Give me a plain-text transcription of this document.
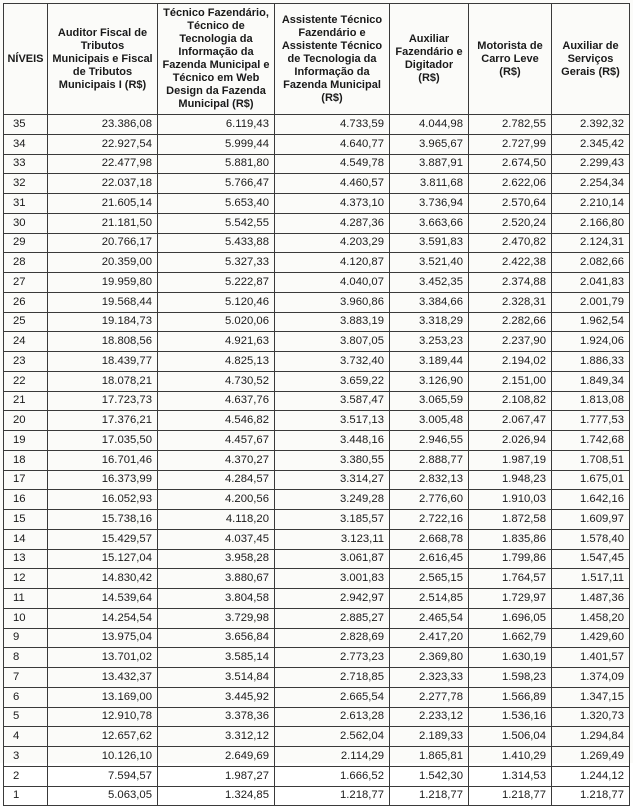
NÍVEIS	Auditor Fiscal de Tributos Municipais e Fiscal de Tributos Municipais I (R$)	Técnico Fazendário, Técnico de Tecnologia da Informação da Fazenda Municipal e Técnico em Web Design da Fazenda Municipal (R$)	Assistente Técnico Fazendário e Assistente Técnico de Tecnologia da Informação da Fazenda Municipal (R$)	Auxiliar Fazendário e Digitador (R$)	Motorista de Carro Leve (R$)	Auxiliar de Serviços Gerais (R$)
35	23.386,08	6.119,43	4.733,59	4.044,98	2.782,55	2.392,32
34	22.927,54	5.999,44	4.640,77	3.965,67	2.727,99	2.345,42
33	22.477,98	5.881,80	4.549,78	3.887,91	2.674,50	2.299,43
32	22.037,18	5.766,47	4.460,57	3.811,68	2.622,06	2.254,34
31	21.605,14	5.653,40	4.373,10	3.736,94	2.570,64	2.210,14
30	21.181,50	5.542,55	4.287,36	3.663,66	2.520,24	2.166,80
29	20.766,17	5.433,88	4.203,29	3.591,83	2.470,82	2.124,31
28	20.359,00	5.327,33	4.120,87	3.521,40	2.422,38	2.082,66
27	19.959,80	5.222,87	4.040,07	3.452,35	2.374,88	2.041,83
26	19.568,44	5.120,46	3.960,86	3.384,66	2.328,31	2.001,79
25	19.184,73	5.020,06	3.883,19	3.318,29	2.282,66	1.962,54
24	18.808,56	4.921,63	3.807,05	3.253,23	2.237,90	1.924,06
23	18.439,77	4.825,13	3.732,40	3.189,44	2.194,02	1.886,33
22	18.078,21	4.730,52	3.659,22	3.126,90	2.151,00	1.849,34
21	17.723,73	4.637,76	3.587,47	3.065,59	2.108,82	1.813,08
20	17.376,21	4.546,82	3.517,13	3.005,48	2.067,47	1.777,53
19	17.035,50	4.457,67	3.448,16	2.946,55	2.026,94	1.742,68
18	16.701,46	4.370,27	3.380,55	2.888,77	1.987,19	1.708,51
17	16.373,99	4.284,57	3.314,27	2.832,13	1.948,23	1.675,01
16	16.052,93	4.200,56	3.249,28	2.776,60	1.910,03	1.642,16
15	15.738,16	4.118,20	3.185,57	2.722,16	1.872,58	1.609,97
14	15.429,57	4.037,45	3.123,11	2.668,78	1.835,86	1.578,40
13	15.127,04	3.958,28	3.061,87	2.616,45	1.799,86	1.547,45
12	14.830,42	3.880,67	3.001,83	2.565,15	1.764,57	1.517,11
11	14.539,64	3.804,58	2.942,97	2.514,85	1.729,97	1.487,36
10	14.254,54	3.729,98	2.885,27	2.465,54	1.696,05	1.458,20
9	13.975,04	3.656,84	2.828,69	2.417,20	1.662,79	1.429,60
8	13.701,02	3.585,14	2.773,23	2.369,80	1.630,19	1.401,57
7	13.432,37	3.514,84	2.718,85	2.323,33	1.598,23	1.374,09
6	13.169,00	3.445,92	2.665,54	2.277,78	1.566,89	1.347,15
5	12.910,78	3.378,36	2.613,28	2.233,12	1.536,16	1.320,73
4	12.657,62	3.312,12	2.562,04	2.189,33	1.506,04	1.294,84
3	10.126,10	2.649,69	2.114,29	1.865,81	1.410,29	1.269,49
2	7.594,57	1.987,27	1.666,52	1.542,30	1.314,53	1.244,12
1	5.063,05	1.324,85	1.218,77	1.218,77	1.218,77	1.218,77
